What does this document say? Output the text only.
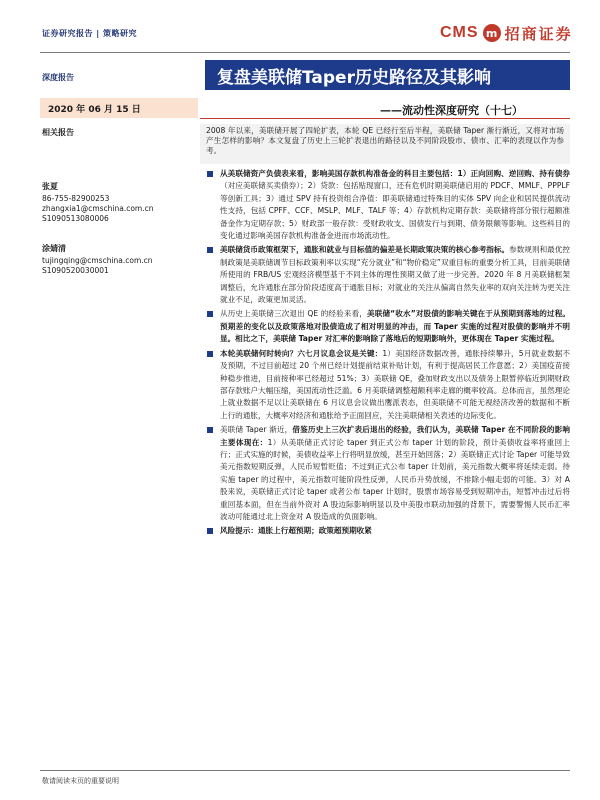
证券研究报告 | 策略研究	CMS m 招商证券
深度报告	复盘美联储Taper历史路径及其影响
2020 年 06 月 15 日	——流动性深度研究（十七）
相关报告
张夏
86-755-82900253
zhangxia1@cmschina.com.cn
S1090513080006
涂婧清
tujingqing@cmschina.com.cn
S1090520030001
2008 年以来，美联储开展了四轮扩表，本轮 QE 已经行至后半程，美联储 Taper 渐行渐近，又将对市场产生怎样的影响？本文复盘了历史上三轮扩表退出的路径以及不同阶段股市、债市、汇率的表现以作为参考。
从美联储资产负债表来看，影响美国存款机构准备金的科目主要包括：1）正向回购、逆回购、持有债券（对应美联储买卖债券）；2）贷款：包括贴现窗口，还有危机时期美联储启用的 PDCF、MMLF、PPPLF 等创新工具；3）通过 SPV 持有投资组合净值：即美联储通过特殊目的实体 SPV 向企业和居民提供流动性支持，包括 CPFF、CCF、MSLP、MLF、TALF 等；4）存款机构定期存款：美联储将部分银行超额准备金作为定期存款；5）财政部一般存款：受财政收支、国债发行与到期、债务限额等影响。这些科目的变化通过影响美国存款机构准备金进而市场流动性。
美联储货币政策框架下，通胀和就业与目标值的偏差是长期政策决策的核心参考指标。参数规则和最优控制政策是美联储调节目标政策利率以实现“充分就业”和“物价稳定”双重目标的重要分析工具，目前美联储所使用的 FRB/US 宏观经济模型基于不同主体的理性预期又做了进一步完善。2020 年 8 月美联储框架调整后，允许通胀在部分阶段适度高于通胀目标；对就业的关注从偏离自然失业率的双向关注转为更关注就业不足，政策更加灵活。
从历史上美联储三次退出 QE 的经验来看，美联储“收水”对股债的影响关键在于从预期到落地的过程。预期差的变化以及政策落地对股债造成了相对明显的冲击，而 Taper 实施的过程对股债的影响并不明显。相比之下，美联储 Taper 对汇率的影响除了落地后的短期影响外，更体现在 Taper 实施过程。
本轮美联储何时转向？六七月议息会议是关键：1）美国经济数据改善，通胀持续攀升，5月就业数据不及预期，不过目前超过 20 个州已经计划提前结束补贴计划，有利于提高居民工作意愿；2）美国疫苗接种稳步推进，目前接种率已经超过 51%；3）美联储 QE，叠加财政支出以及债务上限暂停临近到期财政部存款账户大幅压缩，美国流动性泛滥。6 月美联储调整超额利率走廊的概率较高。总体而言，虽然理论上就业数据不足以让美联储在 6 月议息会议做出鹰派表态，但美联储不可能无视经济改善的数据和不断上行的通胀，大概率对经济和通胀给予正面回应，关注美联储相关表述的边际变化。
美联储 Taper 渐近，借鉴历史上三次扩表后退出的经验，我们认为，美联储 Taper 在不同阶段的影响主要体现在：1）从美联储正式讨论 taper 到正式公布 taper 计划的阶段，预计美债收益率将重回上行；正式实施的时候，美债收益率上行将明显放缓，甚至开始回落；2）美联储正式讨论 Taper 可能导致美元指数短期反弹，人民币短暂贬值；不过到正式公布 taper 计划前，美元指数大概率将延续走弱。待实施 taper 的过程中，美元指数可能阶段性反弹，人民币升势放缓，不排除小幅走弱的可能。3）对 A 股来说，美联储正式讨论 taper 或者公布 taper 计划时，股票市场容易受到短期冲击，短暂冲击过后将重回基本面，但在当前外资对 A 股边际影响明显以及中美股市联动加强的背景下，需要警惕人民币汇率波动可能通过北上资金对 A 股造成的负面影响。
风险提示：通胀上行超预期；政策超预期收紧
敬请阅读末页的重要说明
